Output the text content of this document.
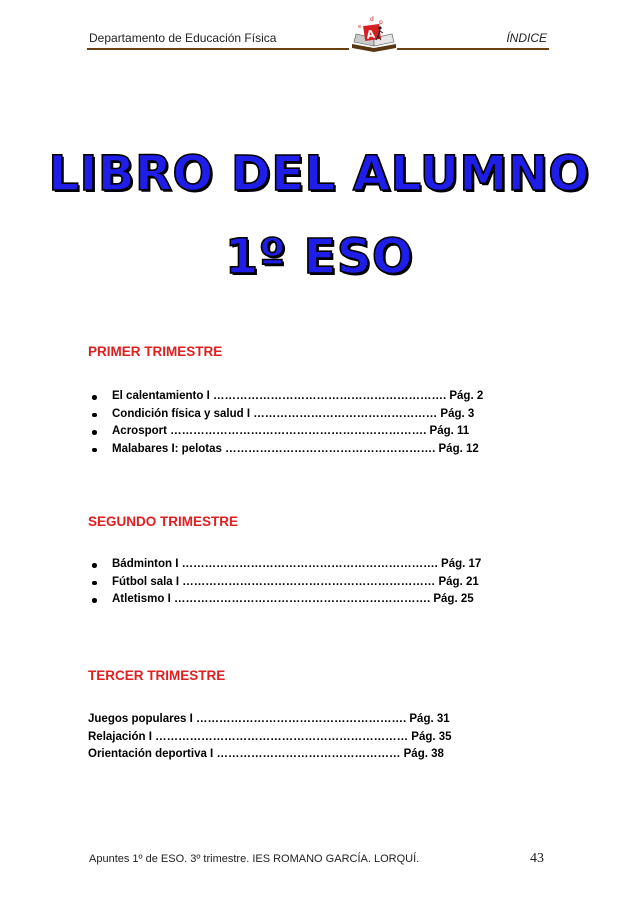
Departamento de Educación Física	ÍNDICE
A
d p
e
LIBRO DEL ALUMNO
1º ESO
PRIMER TRIMESTRE
El calentamiento I ……………………………………………………. Pág. 2
Condición física y salud I ………………………………………… Pág. 3
Acrosport …………………………………………………………. Pág. 11
Malabares I: pelotas ………………………………………………. Pág. 12
SEGUNDO TRIMESTRE
Bádminton I …………………………………………………………. Pág. 17
Fútbol sala I ………………………………………………………… Pág. 21
Atletismo I …………………………………………………………. Pág. 25
TERCER TRIMESTRE
Juegos populares I ………………………………………………. Pág. 31
Relajación I ………………………………………………………… Pág. 35
Orientación deportiva I ………………………………………… Pág. 38
Apuntes 1º de ESO. 3º trimestre. IES ROMANO GARCÍA. LORQUÍ.	43
